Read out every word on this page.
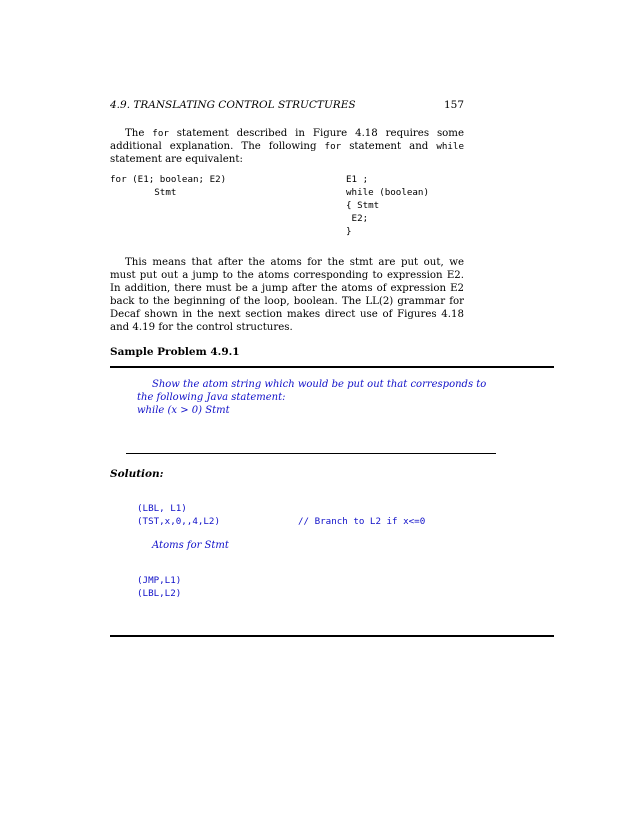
4.9. TRANSLATING CONTROL STRUCTURES	157
The for statement described in Figure 4.18 requires some additional explanation. The following for statement and while statement are equivalent:
for (E1; boolean; E2)
Stmt
E1 ;
while (boolean)
{ Stmt
E2;
}
This means that after the atoms for the stmt are put out, we must put out a jump to the atoms corresponding to expression E2. In addition, there must be a jump after the atoms of expression E2 back to the beginning of the loop, boolean. The LL(2) grammar for Decaf shown in the next section makes direct use of Figures 4.18 and 4.19 for the control structures.
Sample Problem 4.9.1
Show the atom string which would be put out that corresponds to
the following Java statement:
while (x > 0) Stmt
Solution:
(LBL, L1)
(TST,x,0,,4,L2)	// Branch to L2 if x<=0
Atoms for Stmt
(JMP,L1)
(LBL,L2)
